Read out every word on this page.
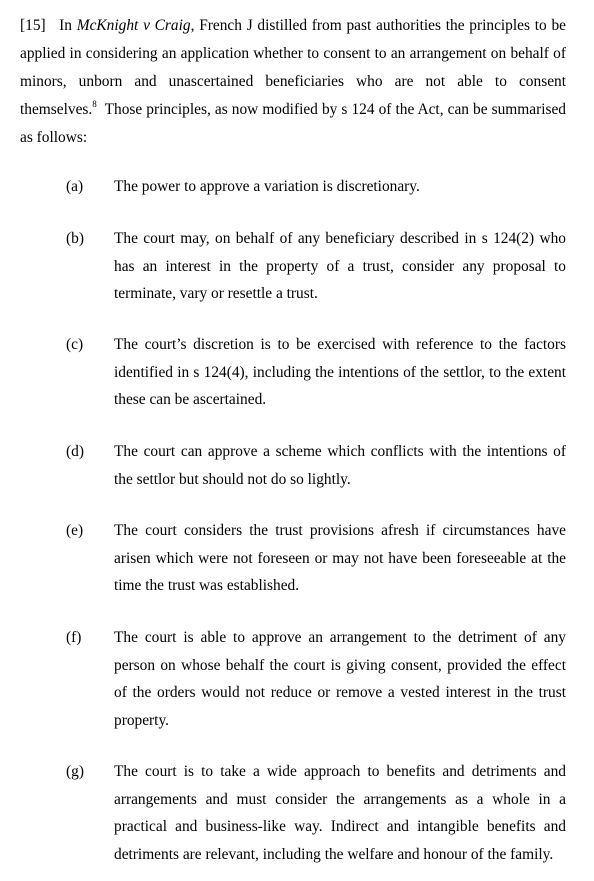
[15] In McKnight v Craig, French J distilled from past authorities the principles to be applied in considering an application whether to consent to an arrangement on behalf of minors, unborn and unascertained beneficiaries who are not able to consent themselves.$^8$ Those principles, as now modified by s 124 of the Act, can be summarised as follows:

(a)	The power to approve a variation is discretionary.
(b)	The court may, on behalf of any beneficiary described in s 124(2) who has an interest in the property of a trust, consider any proposal to terminate, vary or resettle a trust.
(c)	The court’s discretion is to be exercised with reference to the factors identified in s 124(4), including the intentions of the settlor, to the extent these can be ascertained.
(d)	The court can approve a scheme which conflicts with the intentions of the settlor but should not do so lightly.
(e)	The court considers the trust provisions afresh if circumstances have arisen which were not foreseen or may not have been foreseeable at the time the trust was established.
(f)	The court is able to approve an arrangement to the detriment of any person on whose behalf the court is giving consent, provided the effect of the orders would not reduce or remove a vested interest in the trust property.
(g)	The court is to take a wide approach to benefits and detriments and arrangements and must consider the arrangements as a whole in a practical and business-like way. Indirect and intangible benefits and detriments are relevant, including the welfare and honour of the family.
